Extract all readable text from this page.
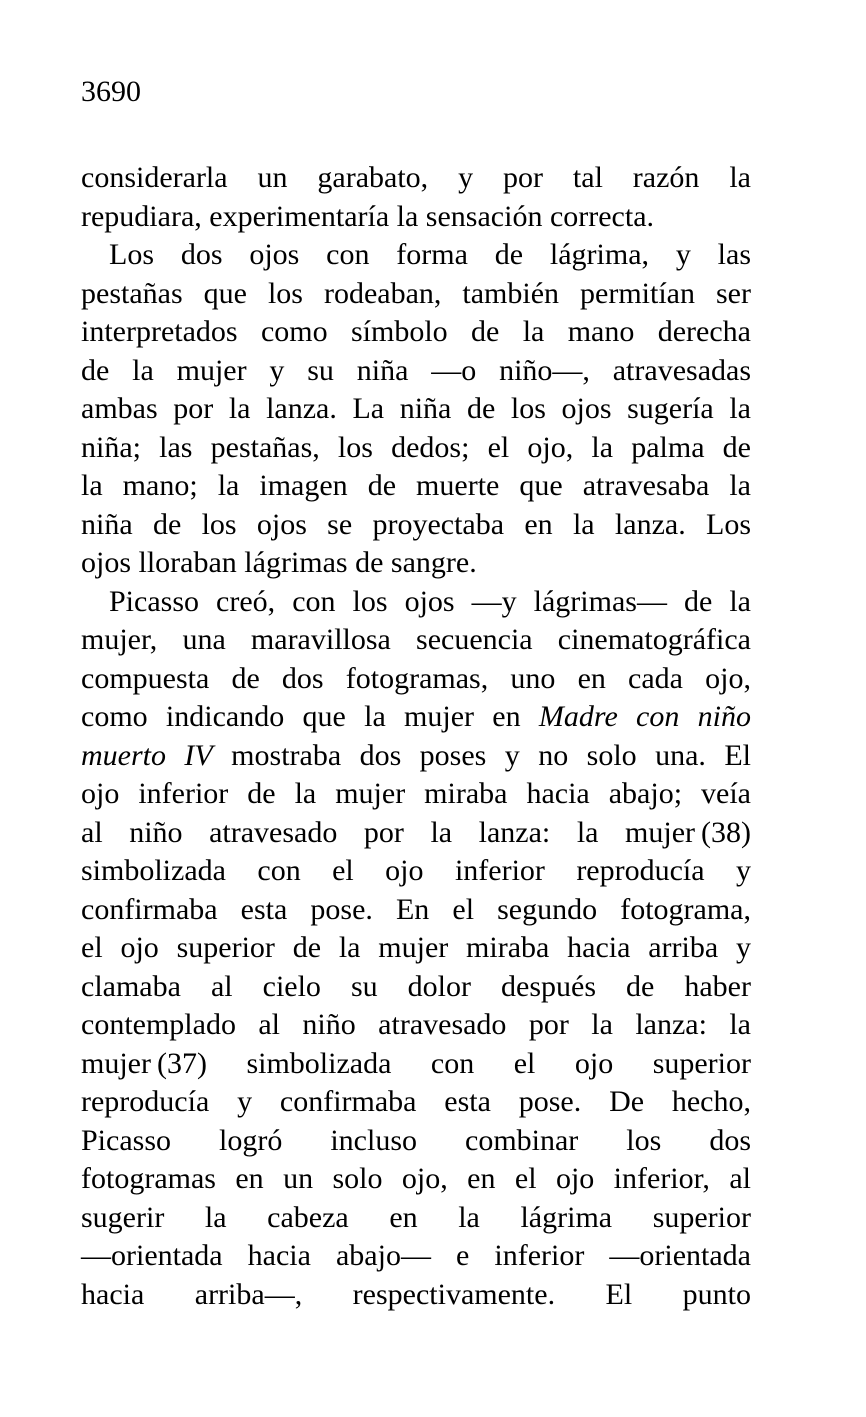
3690
considerarla un garabato, y por tal razón la
repudiara, experimentaría la sensación correcta.
Los dos ojos con forma de lágrima, y las
pestañas que los rodeaban, también permitían ser
interpretados como símbolo de la mano derecha
de la mujer y su niña —o niño—, atravesadas
ambas por la lanza. La niña de los ojos sugería la
niña; las pestañas, los dedos; el ojo, la palma de
la mano; la imagen de muerte que atravesaba la
niña de los ojos se proyectaba en la lanza. Los
ojos lloraban lágrimas de sangre.
Picasso creó, con los ojos —y lágrimas— de la
mujer, una maravillosa secuencia cinematográfica
compuesta de dos fotogramas, uno en cada ojo,
como indicando que la mujer en Madre con niño
muerto IV mostraba dos poses y no solo una. El
ojo inferior de la mujer miraba hacia abajo; veía
al niño atravesado por la lanza: la mujer (38)
simbolizada con el ojo inferior reproducía y
confirmaba esta pose. En el segundo fotograma,
el ojo superior de la mujer miraba hacia arriba y
clamaba al cielo su dolor después de haber
contemplado al niño atravesado por la lanza: la
mujer (37) simbolizada con el ojo superior
reproducía y confirmaba esta pose. De hecho,
Picasso logró incluso combinar los dos
fotogramas en un solo ojo, en el ojo inferior, al
sugerir la cabeza en la lágrima superior
—orientada hacia abajo— e inferior —orientada
hacia arriba—, respectivamente. El punto
